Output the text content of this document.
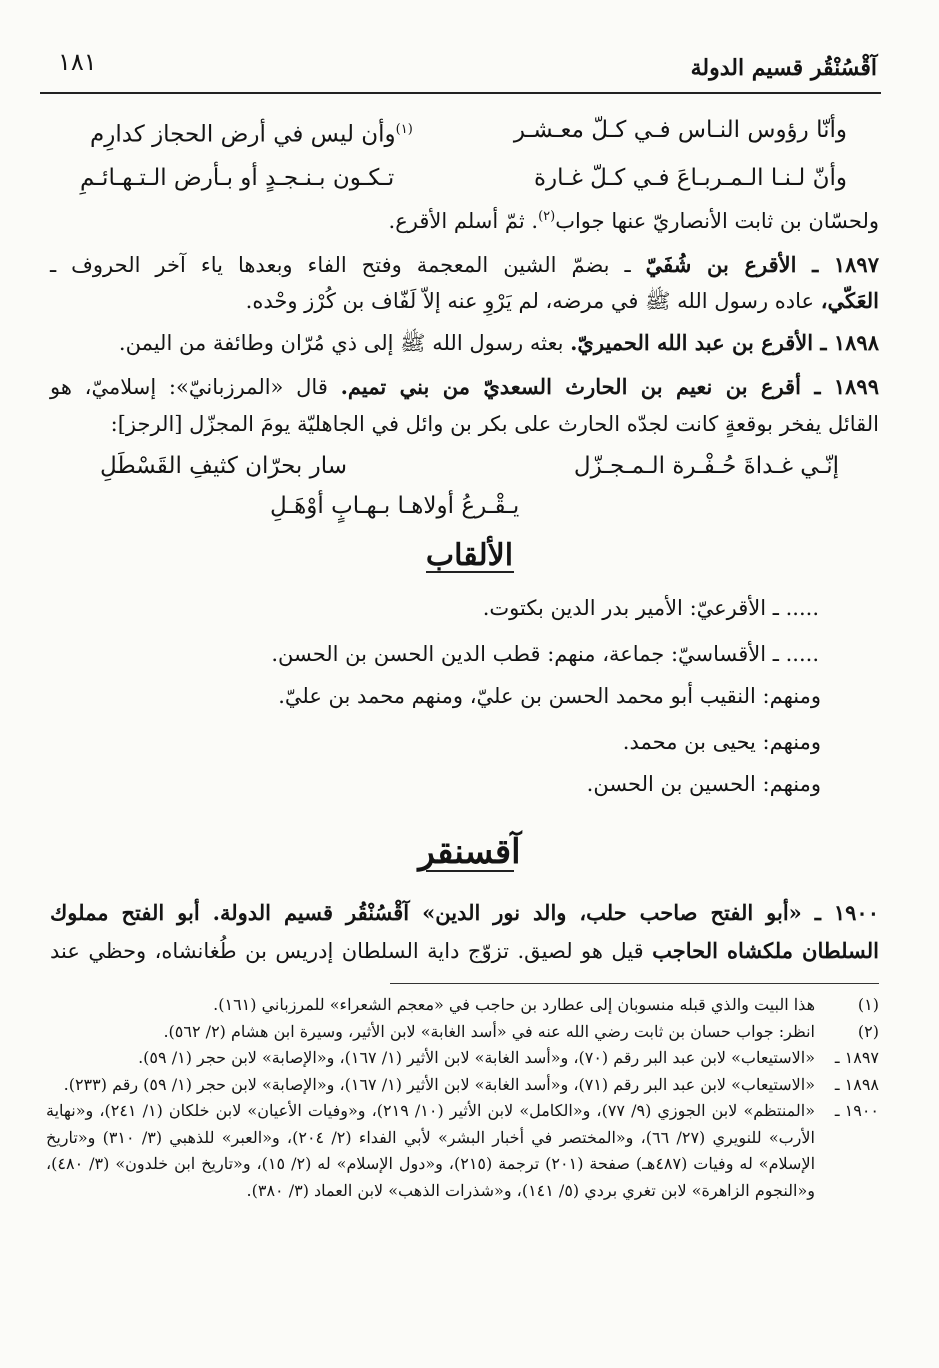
آقْسُنْقُر قسيم الدولة
١٨١
وأنّا رؤوس النـاس فـي كـلّ معـشـر
$^{(١)}$وأن ليس في أرض الحجاز كدارِم
وأنّ لـنـا الـمـربـاعَ فـي كـلّ غـارة
تـكـون بـنـجـدٍ أو بـأرض الـتـهـائـمِ
ولحسّان بن ثابت الأنصاريّ عنها جواب$^{(٢)}$. ثمّ أسلم الأقرع.
١٨٩٧ ـ الأقرع بن شُفَيّ ـ بضمّ الشين المعجمة وفتح الفاء وبعدها ياء آخر الحروف ـ
العَكّي، عاده رسول الله ﷺ في مرضه، لم يَرْوِ عنه إلاّ لَفّاف بن كُرْز وحْده.
١٨٩٨ ـ الأقرع بن عبد الله الحميريّ. بعثه رسول الله ﷺ إلى ذي مُرّان وطائفة من اليمن.
١٨٩٩ ـ أقرع بن نعيم بن الحارث السعديّ من بني تميم. قال «المرزبانيّ»: إسلاميّ، هو
القائل يفخر بوقعةٍ كانت لجدّه الحارث على بكر بن وائل في الجاهليّة يومَ المجزّل [الرجز]:
إنّـي غـداةَ حُـفْـرة الـمـجـزّل
سار بحرّان كثيفِ القَسْطَلِ
يـقْـرعُ أولاهـا بـهـابٍ أوْهَـلِ
الألقاب
..... ـ الأقرعيّ: الأمير بدر الدين بكتوت.
..... ـ الأقساسيّ: جماعة، منهم: قطب الدين الحسن بن الحسن.
ومنهم: النقيب أبو محمد الحسن بن عليّ، ومنهم محمد بن عليّ.
ومنهم: يحيى بن محمد.
ومنهم: الحسين بن الحسن.
آقسنقر
١٩٠٠ ـ «أبو الفتح صاحب حلب، والد نور الدين» آقْسُنْقُر قسيم الدولة. أبو الفتح مملوك
السلطان ملكشاه الحاجب قيل هو لصيق. تزوّج داية السلطان إدريس بن طُغانشاه، وحظي عند
(١)
هذا البيت والذي قبله منسوبان إلى عطارد بن حاجب في «معجم الشعراء» للمرزباني (١٦١).
(٢)
انظر: جواب حسان بن ثابت رضي الله عنه في «أسد الغابة» لابن الأثير، وسيرة ابن هشام (٢/ ٥٦٢).
١٨٩٧ ـ
«الاستيعاب» لابن عبد البر رقم (٧٠)، و«أسد الغابة» لابن الأثير (١/ ١٦٧)، و«الإصابة» لابن حجر (١/ ٥٩).
١٨٩٨ ـ
«الاستيعاب» لابن عبد البر رقم (٧١)، و«أسد الغابة» لابن الأثير (١/ ١٦٧)، و«الإصابة» لابن حجر (١/ ٥٩) رقم (٢٣٣).
١٩٠٠ ـ
«المنتظم» لابن الجوزي (٩/ ٧٧)، و«الكامل» لابن الأثير (١٠/ ٢١٩)، و«وفيات الأعيان» لابن خلكان (١/ ٢٤١)، و«نهاية الأرب» للنويري (٢٧/ ٦٦)، و«المختصر في أخبار البشر» لأبي الفداء (٢/ ٢٠٤)، و«العبر» للذهبي (٣/ ٣١٠) و«تاريخ الإسلام» له وفيات (٤٨٧هـ) صفحة (٢٠١) ترجمة (٢١٥)، و«دول الإسلام» له (٢/ ١٥)، و«تاريخ ابن خلدون» (٣/ ٤٨٠)، و«النجوم الزاهرة» لابن تغري بردي (٥/ ١٤١)، و«شذرات الذهب» لابن العماد (٣/ ٣٨٠).
